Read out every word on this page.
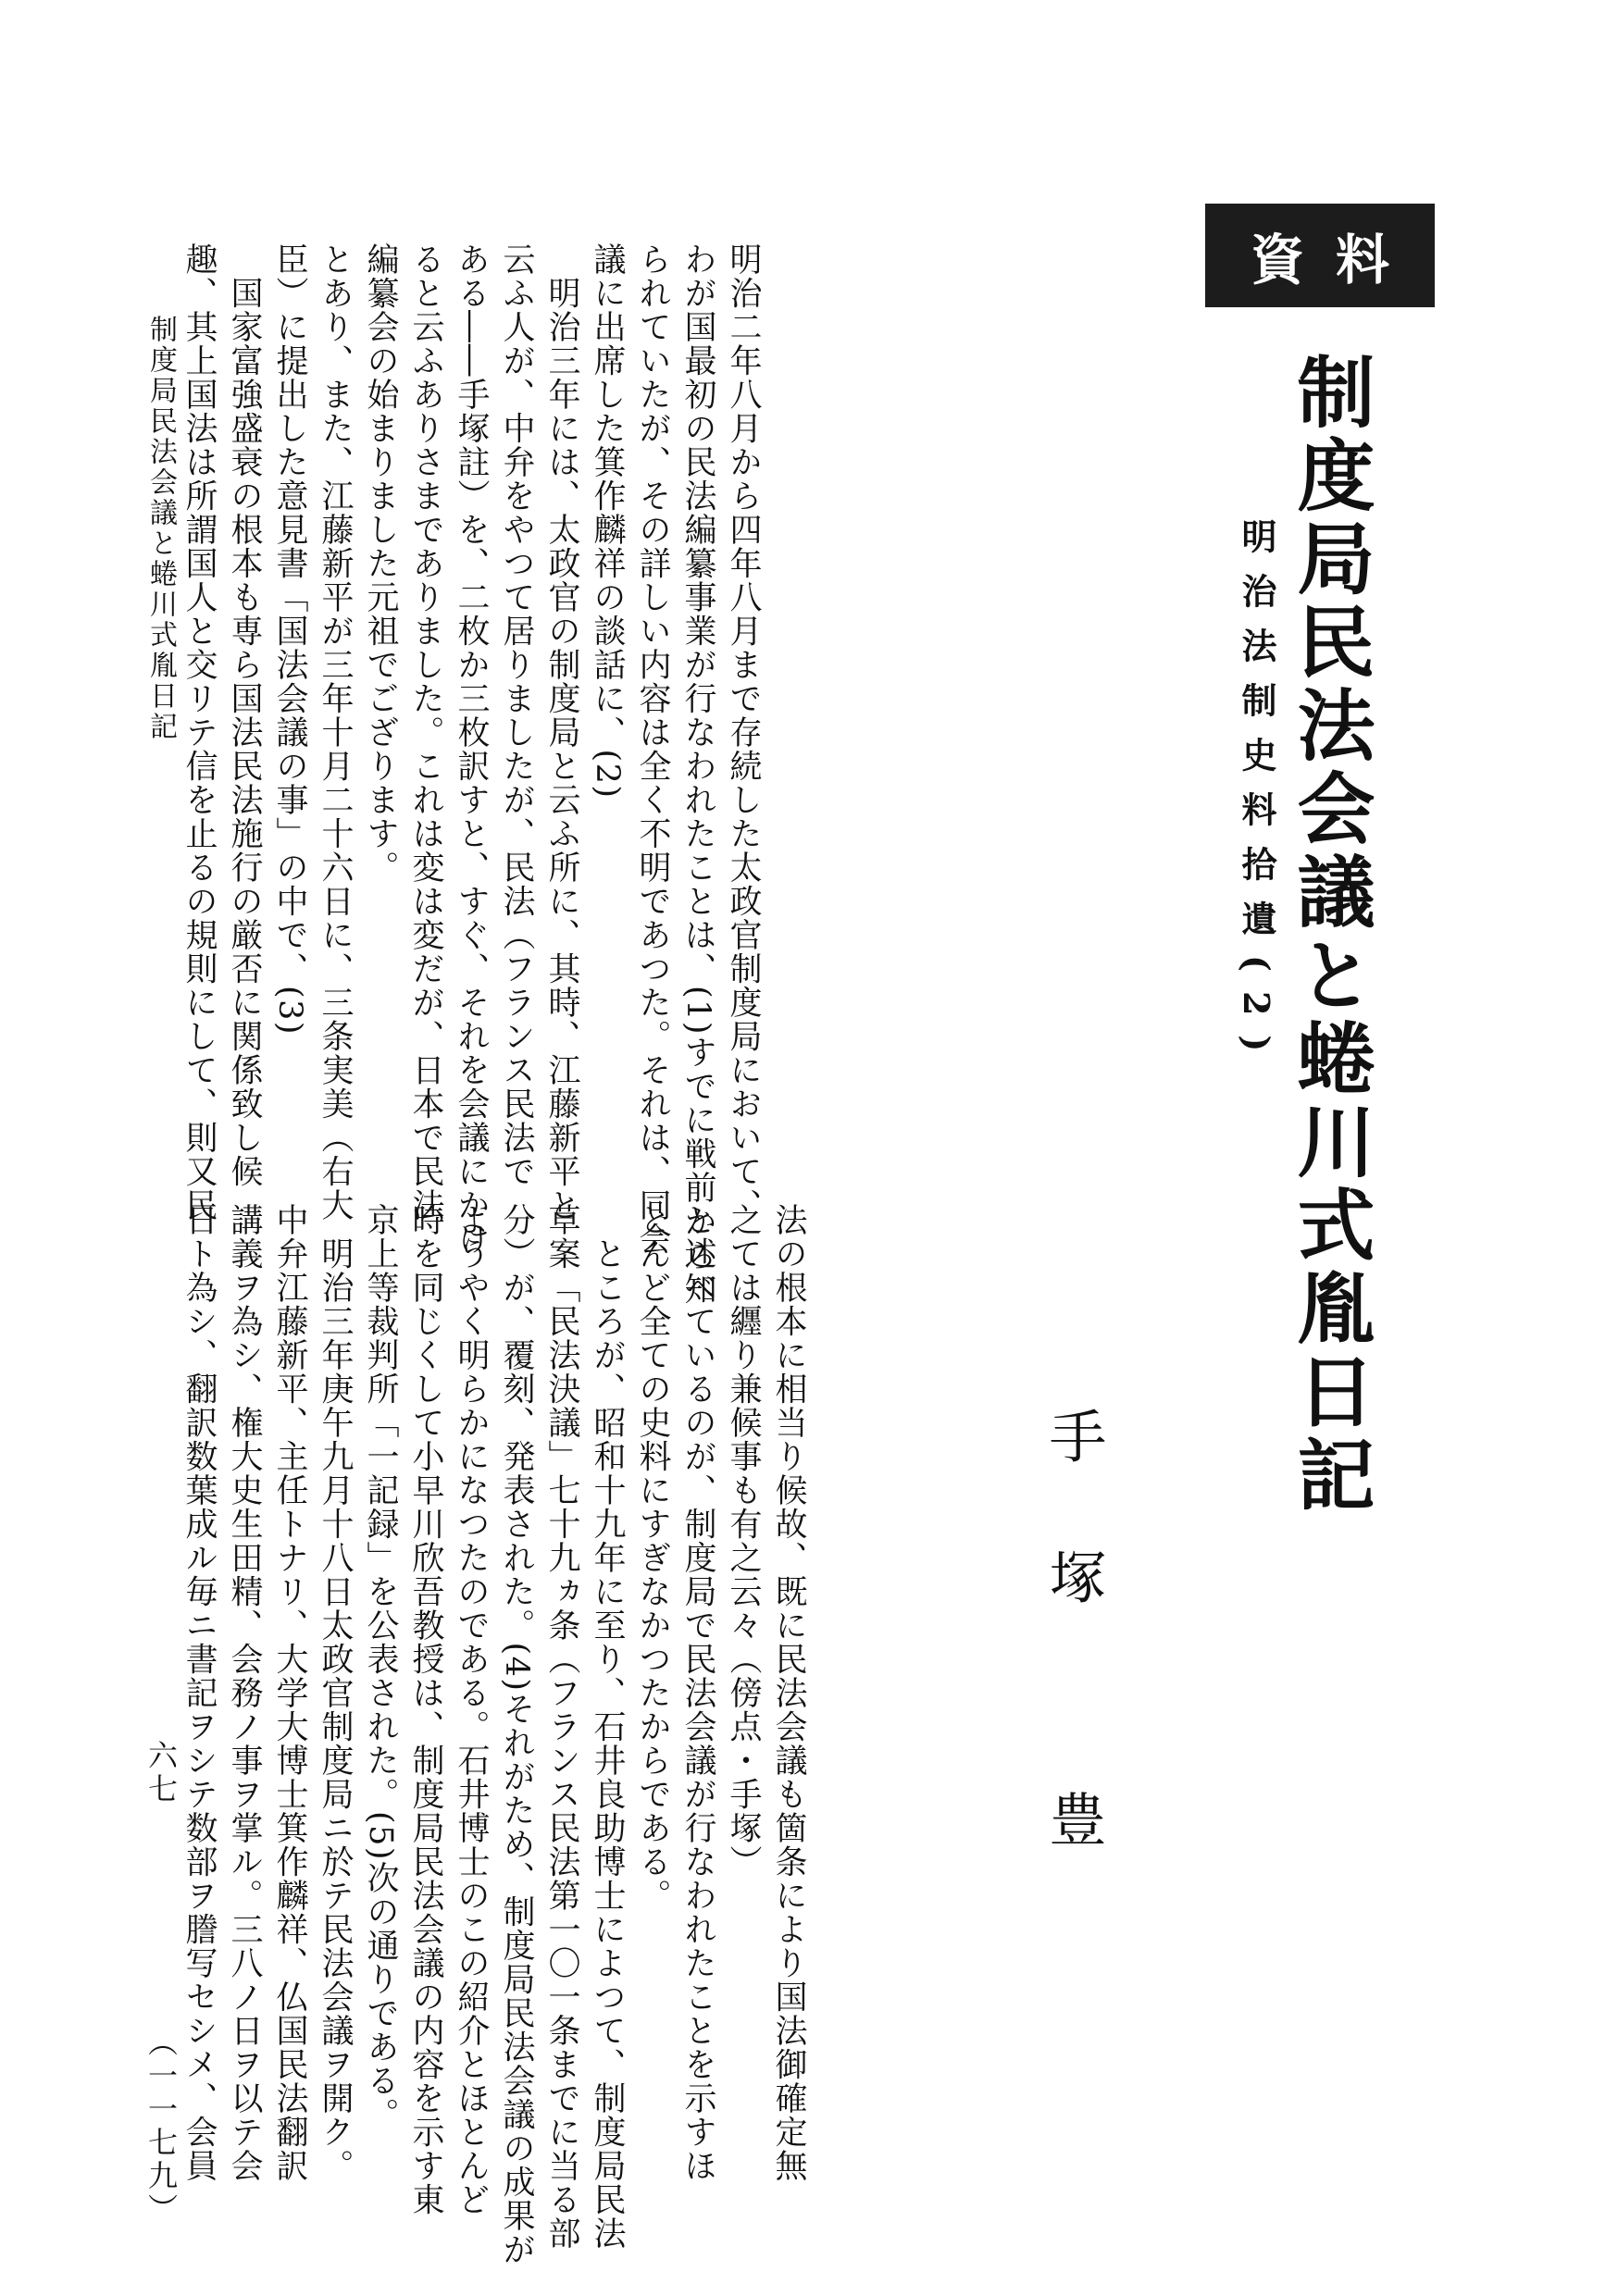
資料
制度局民法会議と蜷川式胤日記
明治法制史料拾遺(2)
手塚 豊
明治二年八月から四年八月まで存続した太政官制度局において、
わが国最初の民法編纂事業が行なわれたことは、(1)すでに戦前から知
られていたが、その詳しい内容は全く不明であつた。それは、同会
議に出席した箕作麟祥の談話に、(2)
　明治三年には、太政官の制度局と云ふ所に、其時、江藤新平と
云ふ人が、中弁をやつて居りましたが、民法（フランス民法で
ある――手塚註）を、二枚か三枚訳すと、すぐ、それを会議にかけ
ると云ふありさまでありました。これは変は変だが、日本で民法
編纂会の始まりました元祖でござります。
とあり、また、江藤新平が三年十月二十六日に、三条実美（右大
臣）に提出した意見書「国法会議の事」の中で、(3)
　国家富強盛衰の根本も専ら国法民法施行の厳否に関係致し候
趣、其上国法は所謂国人と交リテ信を止るの規則にして、則又民
法の根本に相当り候故、既に民法会議も箇条により国法御確定無
之ては纒り兼候事も有之云々（傍点・手塚）
と述べているのが、制度局で民法会議が行なわれたことを示すほ
とんど全ての史料にすぎなかつたからである。
　ところが、昭和十九年に至り、石井良助博士によつて、制度局民法
草案「民法決議」七十九ヵ条（フランス民法第一〇一条までに当る部
分）が、覆刻、発表された。(4)それがため、制度局民法会議の成果が
ようやく明らかになつたのである。石井博士のこの紹介とほとんど
時を同じくして小早川欣吾教授は、制度局民法会議の内容を示す東
京上等裁判所「一記録」を公表された。(5)次の通りである。
　明治三年庚午九月十八日太政官制度局ニ於テ民法会議ヲ開ク。
中弁江藤新平、主任トナリ、大学大博士箕作麟祥、仏国民法翻訳
講義ヲ為シ、権大史生田精、会務ノ事ヲ掌ル。三八ノ日ヲ以テ会
日ト為シ、翻訳数葉成ル毎ニ書記ヲシテ数部ヲ謄写セシメ、会員
制度局民法会議と蜷川式胤日記
六七
（一一七九）
